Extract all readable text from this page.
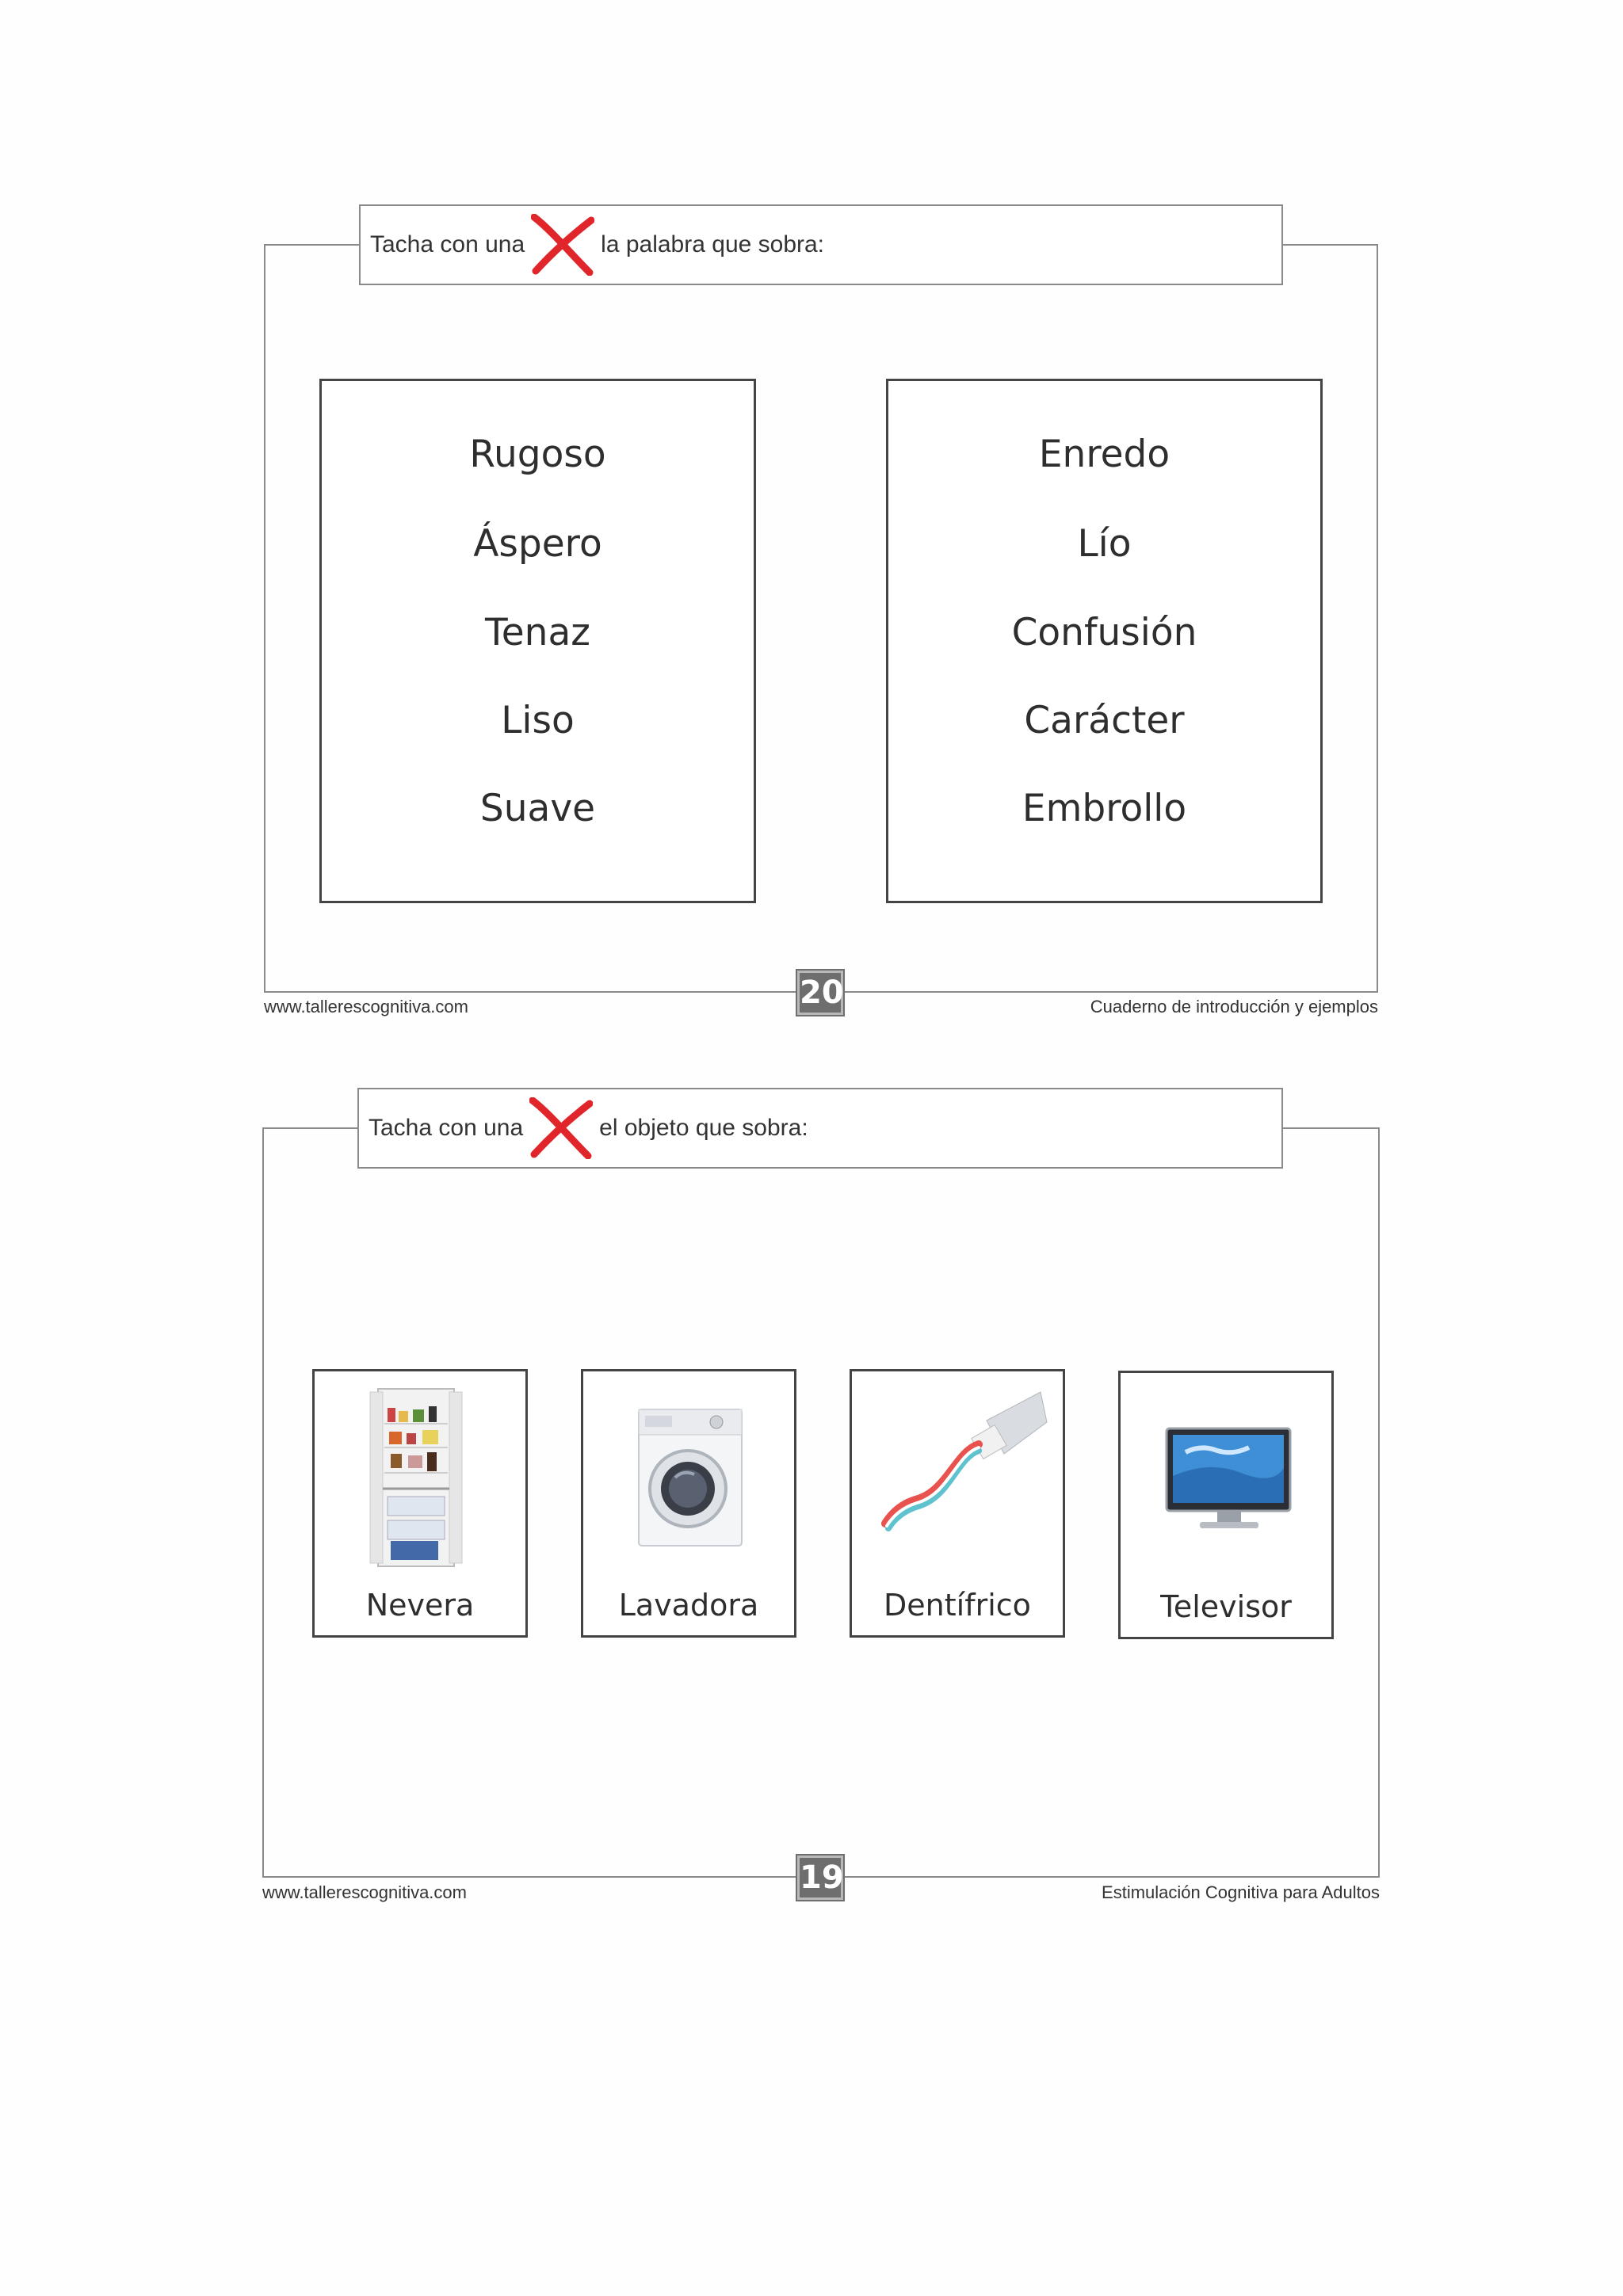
Tacha con una	la palabra que sobra:
Rugoso
Áspero
Tenaz
Liso
Suave
Enredo
Lío
Confusión
Carácter
Embrollo
20
www.tallerescognitiva.com	Cuaderno de introducción y ejemplos
Tacha con una	el objeto que sobra:
Nevera	Lavadora	Dentífrico	Televisor
19
www.tallerescognitiva.com	Estimulación Cognitiva para Adultos
